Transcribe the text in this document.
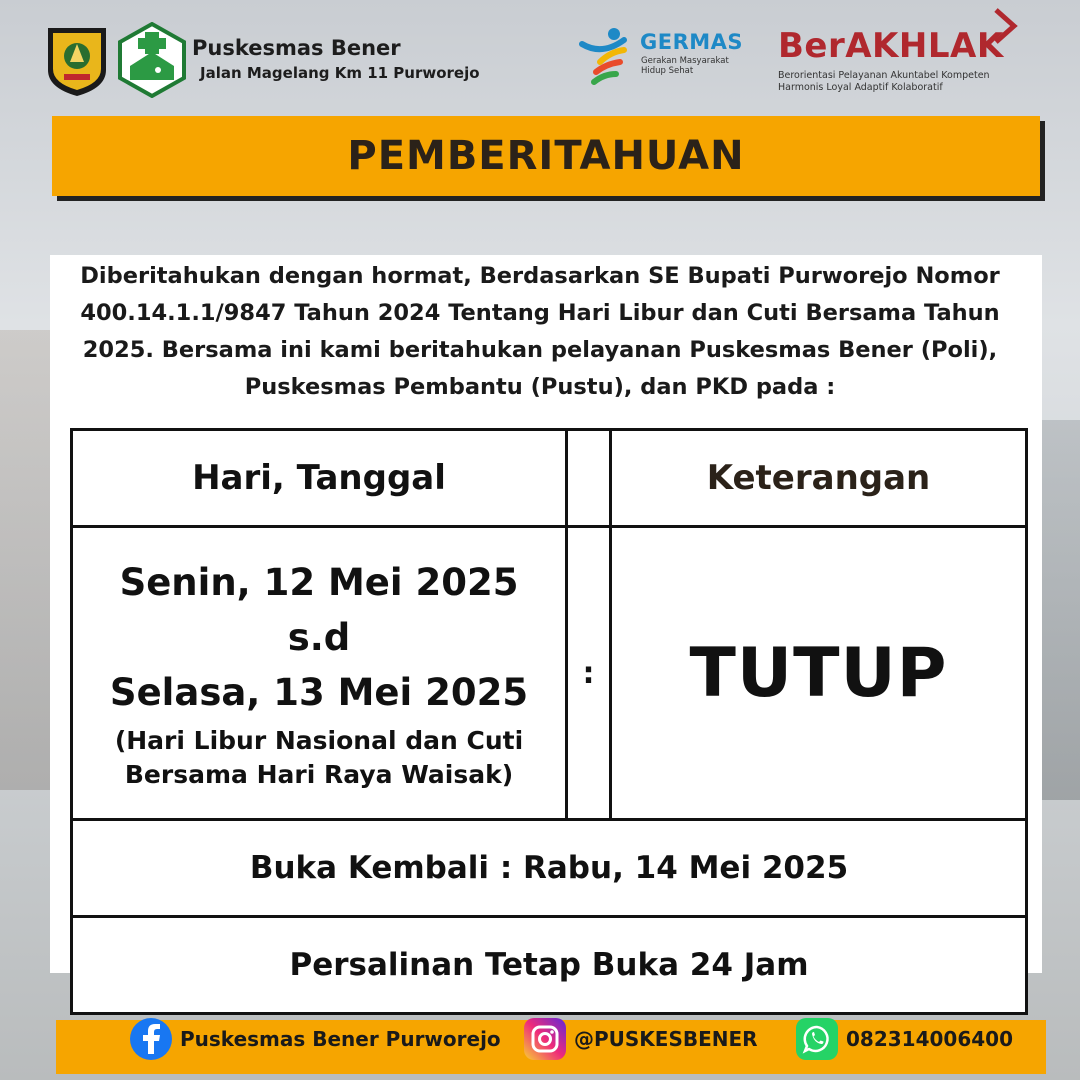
Puskesmas Bener
Jalan Magelang Km 11 Purworejo
GERMAS
Gerakan Masyarakat Hidup Sehat
BerAKHLAK
Berorientasi Pelayanan Akuntabel Kompeten
Harmonis Loyal Adaptif Kolaboratif
PEMBERITAHUAN
Diberitahukan dengan hormat, Berdasarkan SE Bupati Purworejo Nomor 400.14.1.1/9847 Tahun 2024 Tentang Hari Libur dan Cuti Bersama Tahun 2025. Bersama ini kami beritahukan pelayanan Puskesmas Bener (Poli), Puskesmas Pembantu (Pustu), dan PKD pada :
Hari, Tanggal		Keterangan

Senin, 12 Mei 2025
s.d
Selasa, 13 Mei 2025
(Hari Libur Nasional dan Cuti Bersama Hari Raya Waisak)	:	TUTUP
Buka Kembali : Rabu, 14 Mei 2025		
Persalinan Tetap Buka 24 Jam		
Puskesmas Bener Purworejo	@PUSKESBENER	082314006400
